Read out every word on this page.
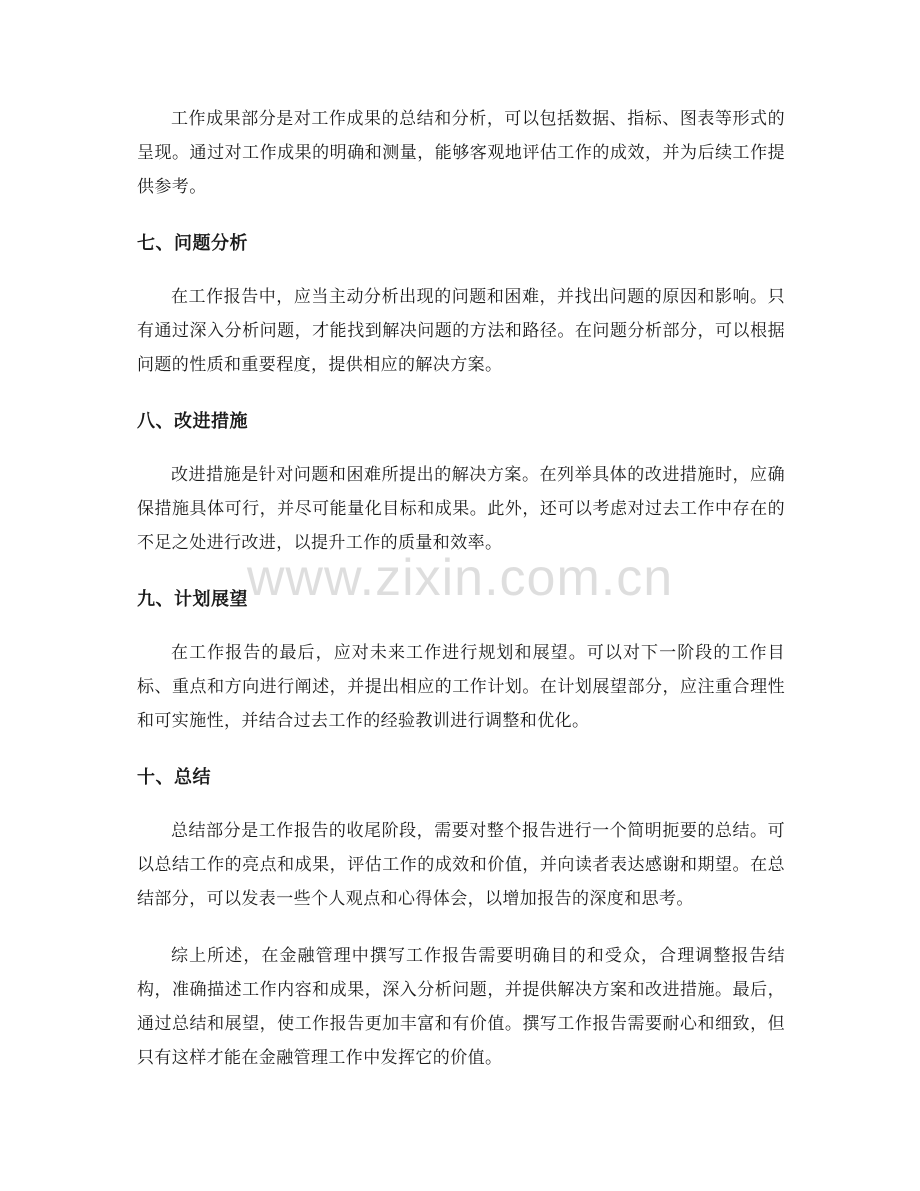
工作成果部分是对工作成果的总结和分析，可以包括数据、指标、图表等形式的呈现。通过对工作成果的明确和测量，能够客观地评估工作的成效，并为后续工作提供参考。

七、问题分析

在工作报告中，应当主动分析出现的问题和困难，并找出问题的原因和影响。只有通过深入分析问题，才能找到解决问题的方法和路径。在问题分析部分，可以根据问题的性质和重要程度，提供相应的解决方案。

八、改进措施

改进措施是针对问题和困难所提出的解决方案。在列举具体的改进措施时，应确保措施具体可行，并尽可能量化目标和成果。此外，还可以考虑对过去工作中存在的不足之处进行改进，以提升工作的质量和效率。

九、计划展望

在工作报告的最后，应对未来工作进行规划和展望。可以对下一阶段的工作目标、重点和方向进行阐述，并提出相应的工作计划。在计划展望部分，应注重合理性和可实施性，并结合过去工作的经验教训进行调整和优化。

十、总结

总结部分是工作报告的收尾阶段，需要对整个报告进行一个简明扼要的总结。可以总结工作的亮点和成果，评估工作的成效和价值，并向读者表达感谢和期望。在总结部分，可以发表一些个人观点和心得体会，以增加报告的深度和思考。

综上所述，在金融管理中撰写工作报告需要明确目的和受众，合理调整报告结构，准确描述工作内容和成果，深入分析问题，并提供解决方案和改进措施。最后，通过总结和展望，使工作报告更加丰富和有价值。撰写工作报告需要耐心和细致，但只有这样才能在金融管理工作中发挥它的价值。

www.zixin.com.cn
